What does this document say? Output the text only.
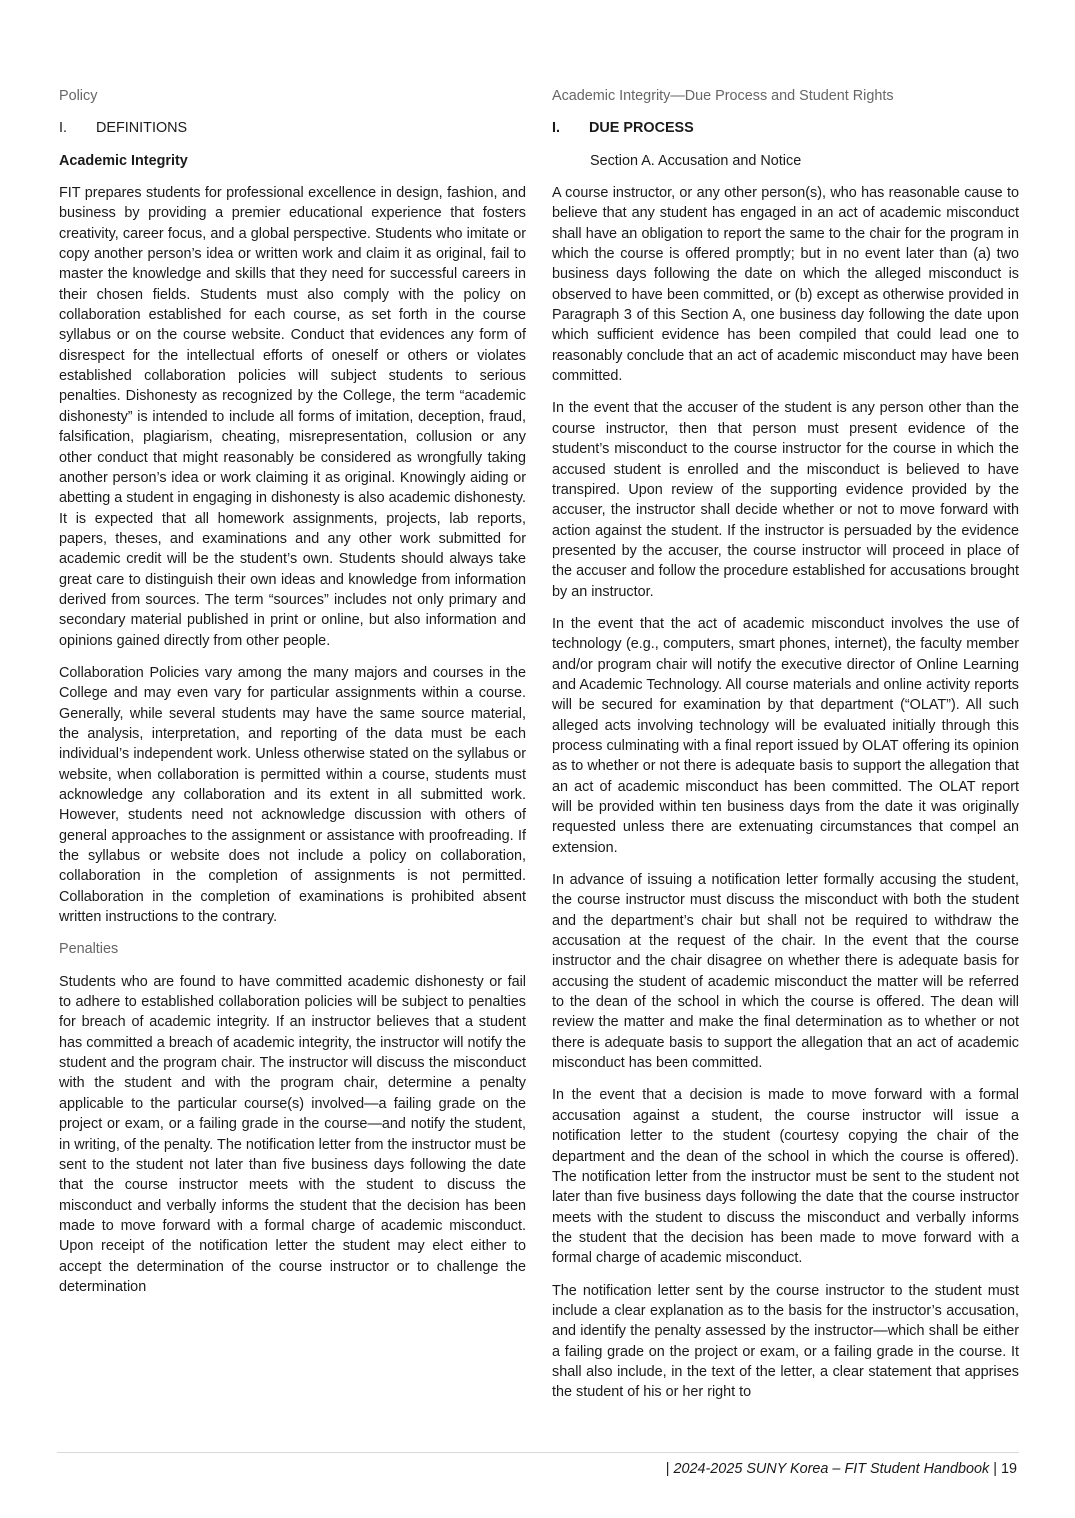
Policy
I.	DEFINITIONS
Academic Integrity

FIT prepares students for professional excellence in design, fashion, and business by providing a premier educational experience that fosters creativity, career focus, and a global perspective. Students who imitate or copy another person’s idea or written work and claim it as original, fail to master the knowledge and skills that they need for successful careers in their chosen fields. Students must also comply with the policy on collaboration established for each course, as set forth in the course syllabus or on the course website. Conduct that evidences any form of disrespect for the intellectual efforts of oneself or others or violates established collaboration policies will subject students to serious penalties. Dishonesty as recognized by the College, the term “academic dishonesty” is intended to include all forms of imitation, deception, fraud, falsification, plagiarism, cheating, misrepresentation, collusion or any other conduct that might reasonably be considered as wrongfully taking another person’s idea or work claiming it as original. Knowingly aiding or abetting a student in engaging in dishonesty is also academic dishonesty. It is expected that all homework assignments, projects, lab reports, papers, theses, and examinations and any other work submitted for academic credit will be the student’s own. Students should always take great care to distinguish their own ideas and knowledge from information derived from sources. The term “sources” includes not only primary and secondary material published in print or online, but also information and opinions gained directly from other people.

Collaboration Policies vary among the many majors and courses in the College and may even vary for particular assignments within a course. Generally, while several students may have the same source material, the analysis, interpretation, and reporting of the data must be each individual’s independent work. Unless otherwise stated on the syllabus or website, when collaboration is permitted within a course, students must acknowledge any collaboration and its extent in all submitted work. However, students need not acknowledge discussion with others of general approaches to the assignment or assistance with proofreading. If the syllabus or website does not include a policy on collaboration, collaboration in the completion of assignments is not permitted. Collaboration in the completion of examinations is prohibited absent written instructions to the contrary.

Penalties

Students who are found to have committed academic dishonesty or fail to adhere to established collaboration policies will be subject to penalties for breach of academic integrity. If an instructor believes that a student has committed a breach of academic integrity, the instructor will notify the student and the program chair. The instructor will discuss the misconduct with the student and with the program chair, determine a penalty applicable to the particular course(s) involved—a failing grade on the project or exam, or a failing grade in the course—and notify the student, in writing, of the penalty. The notification letter from the instructor must be sent to the student not later than five business days following the date that the course instructor meets with the student to discuss the misconduct and verbally informs the student that the decision has been made to move forward with a formal charge of academic misconduct. Upon receipt of the notification letter the student may elect either to accept the determination of the course instructor or to challenge the determination

Academic Integrity—Due Process and Student Rights
I.	DUE PROCESS
Section A. Accusation and Notice

A course instructor, or any other person(s), who has reasonable cause to believe that any student has engaged in an act of academic misconduct shall have an obligation to report the same to the chair for the program in which the course is offered promptly; but in no event later than (a) two business days following the date on which the alleged misconduct is observed to have been committed, or (b) except as otherwise provided in Paragraph 3 of this Section A, one business day following the date upon which sufficient evidence has been compiled that could lead one to reasonably conclude that an act of academic misconduct may have been committed.

In the event that the accuser of the student is any person other than the course instructor, then that person must present evidence of the student’s misconduct to the course instructor for the course in which the accused student is enrolled and the misconduct is believed to have transpired. Upon review of the supporting evidence provided by the accuser, the instructor shall decide whether or not to move forward with action against the student. If the instructor is persuaded by the evidence presented by the accuser, the course instructor will proceed in place of the accuser and follow the procedure established for accusations brought by an instructor.

In the event that the act of academic misconduct involves the use of technology (e.g., computers, smart phones, internet), the faculty member and/or program chair will notify the executive director of Online Learning and Academic Technology. All course materials and online activity reports will be secured for examination by that department (“OLAT”). All such alleged acts involving technology will be evaluated initially through this process culminating with a final report issued by OLAT offering its opinion as to whether or not there is adequate basis to support the allegation that an act of academic misconduct has been committed. The OLAT report will be provided within ten business days from the date it was originally requested unless there are extenuating circumstances that compel an extension.

In advance of issuing a notification letter formally accusing the student, the course instructor must discuss the misconduct with both the student and the department’s chair but shall not be required to withdraw the accusation at the request of the chair. In the event that the course instructor and the chair disagree on whether there is adequate basis for accusing the student of academic misconduct the matter will be referred to the dean of the school in which the course is offered. The dean will review the matter and make the final determination as to whether or not there is adequate basis to support the allegation that an act of academic misconduct has been committed.

In the event that a decision is made to move forward with a formal accusation against a student, the course instructor will issue a notification letter to the student (courtesy copying the chair of the department and the dean of the school in which the course is offered). The notification letter from the instructor must be sent to the student not later than five business days following the date that the course instructor meets with the student to discuss the misconduct and verbally informs the student that the decision has been made to move forward with a formal charge of academic misconduct.

The notification letter sent by the course instructor to the student must include a clear explanation as to the basis for the instructor’s accusation, and identify the penalty assessed by the instructor—which shall be either a failing grade on the project or exam, or a failing grade in the course. It shall also include, in the text of the letter, a clear statement that apprises the student of his or her right to

| 2024-2025 SUNY Korea – FIT Student Handbook | 19
